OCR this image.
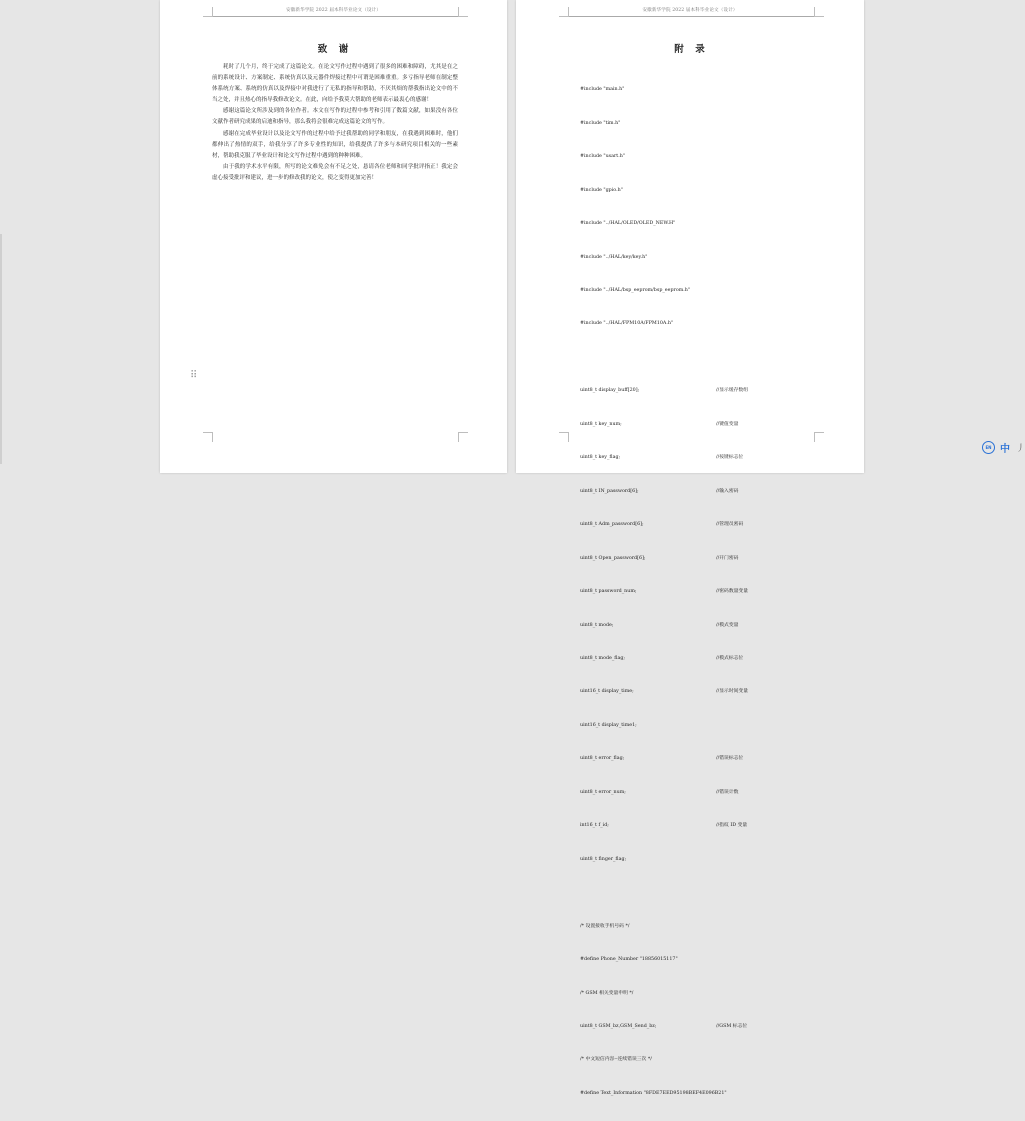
安徽新华学院 2022 届本科毕业论文（设计）
致　谢

耗时了几个月，终于完成了这篇论文。在论文写作过程中遇到了很多的困难和障碍，尤其是在之前的系统设计、方案制定、系统仿真以及元器件焊接过程中可谓是困难重重。多亏指导老师在制定整体系统方案、系统的仿真以及焊接中对我进行了无私的指导和帮助，不厌其烦的帮我指出论文中的不当之处，并且热心的指导我修改论文。在此，向给予我莫大帮助的老师表示最衷心的感谢！

感谢这篇论文所涉及到的各位作者。本文在写作的过程中参考和引用了数篇文献，如果没有各位文献作者研究成果的启迪和指导，那么我将会很难完成这篇论文的写作。

感谢在完成毕业设计以及论文写作的过程中给予过我帮助的同学和朋友，在我遇到困难时，他们都伸出了热情的双手，给我分享了许多专业性的知识，给我提供了许多与本研究项目相关的一些素材，帮助我克服了毕业设计和论文写作过程中遇到的种种困难。

由于我的学术水平有限，所写的论文难免会有不足之处，恳请各位老师和同学批评指正！我定会虚心接受批评和建议，进一步的修改我的论文，使之变得更加完善！

⠿
安徽新华学院 2022 届本科毕业论文（设计）
附　录

#include "main.h"

#include "tim.h"

#include "usart.h"

#include "gpio.h"

#include "../HAL/OLED/OLED_NEW.H"

#include "../HAL/key/key.h"

#include "../HAL/bsp_eeprom/bsp_eeprom.h"

#include "../HAL/FPM10A/FPM10A.h"

uint8_t display_buff[20];	//显示缓存数组

uint8_t key_num;	//键值变量

uint8_t key_flag;	//按键标志位

uint8_t IN_password[6];	//输入密码

uint8_t Adm_password[6];	//管理员密码

uint8_t Open_password[6];	//开门密码

uint8_t password_num;	//密码数量变量

uint8_t mode;	//模式变量

uint8_t mode_flag;	//模式标志位

uint16_t display_time;	//显示时间变量

uint16_t display_time1;

uint8_t error_flag;	//错误标志位

uint8_t error_num;	//错误计数

int16_t f_id;	//指纹 ID 变量

uint8_t finger_flag;

/* 设置接收手机号码 */

#define Phone_Number "18856015117"

/* GSM 相关变量申明 */

uint8_t GSM_bz,GSM_Send_bz;	//GSM 标志位

/* 中文短信内容--连续错误三次 */

#define Text_Information "8FDE7EED95198BEF4E096B21"

EN 中 丿
